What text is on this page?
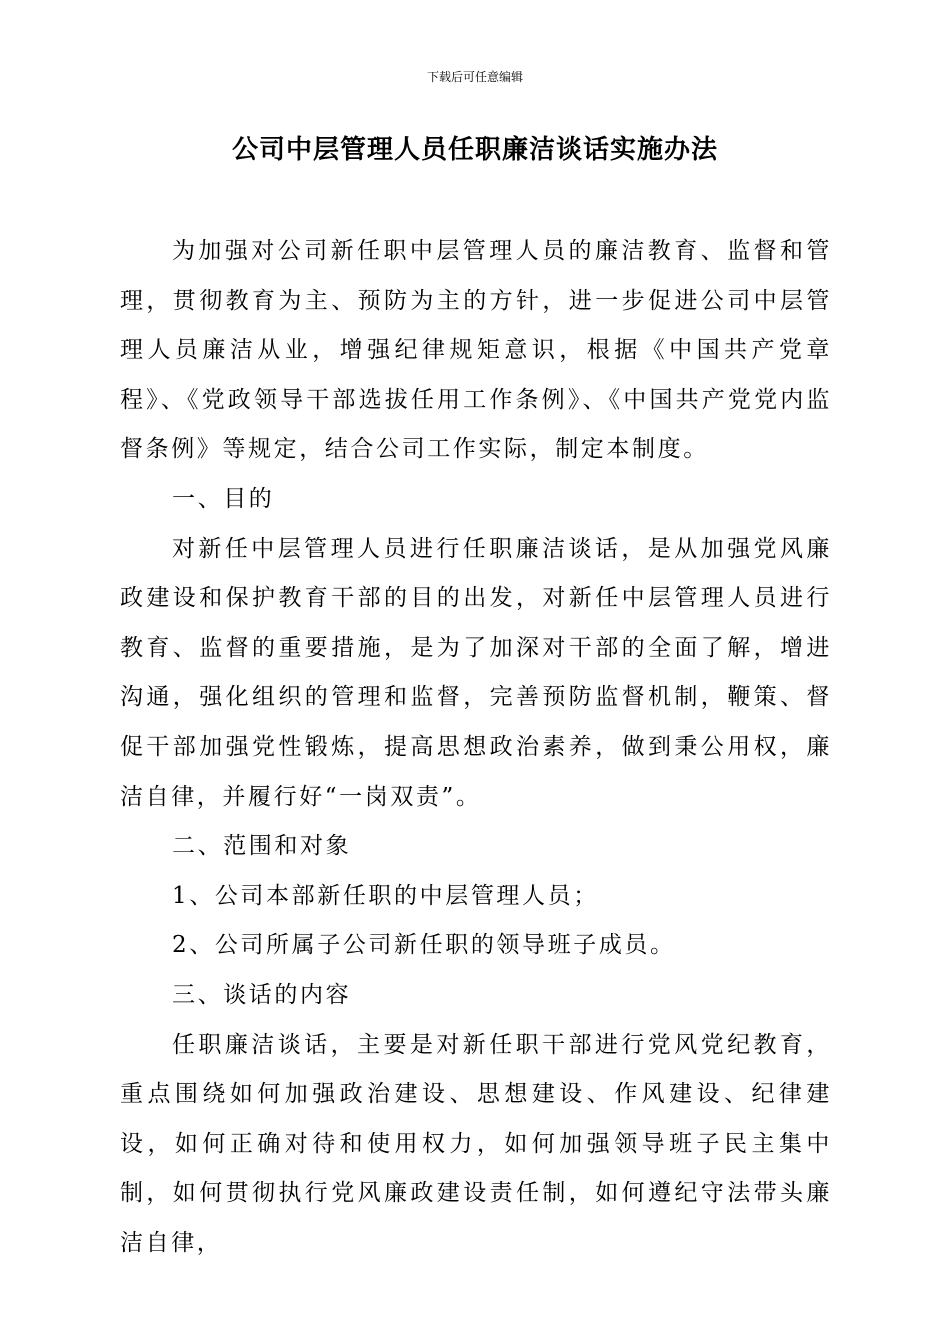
下载后可任意编辑
公司中层管理人员任职廉洁谈话实施办法

为加强对公司新任职中层管理人员的廉洁教育、监督和管理，贯彻教育为主、预防为主的方针，进一步促进公司中层管理人员廉洁从业，增强纪律规矩意识，根据《中国共产党章程》、《党政领导干部选拔任用工作条例》、《中国共产党党内监督条例》等规定，结合公司工作实际，制定本制度。

一、目的

对新任中层管理人员进行任职廉洁谈话，是从加强党风廉政建设和保护教育干部的目的出发，对新任中层管理人员进行教育、监督的重要措施，是为了加深对干部的全面了解，增进沟通，强化组织的管理和监督，完善预防监督机制，鞭策、督促干部加强党性锻炼，提高思想政治素养，做到秉公用权，廉洁自律，并履行好“一岗双责”。

二、范围和对象

1、公司本部新任职的中层管理人员；

2、公司所属子公司新任职的领导班子成员。

三、谈话的内容

任职廉洁谈话，主要是对新任职干部进行党风党纪教育，重点围绕如何加强政治建设、思想建设、作风建设、纪律建设，如何正确对待和使用权力，如何加强领导班子民主集中制，如何贯彻执行党风廉政建设责任制，如何遵纪守法带头廉洁自律，
